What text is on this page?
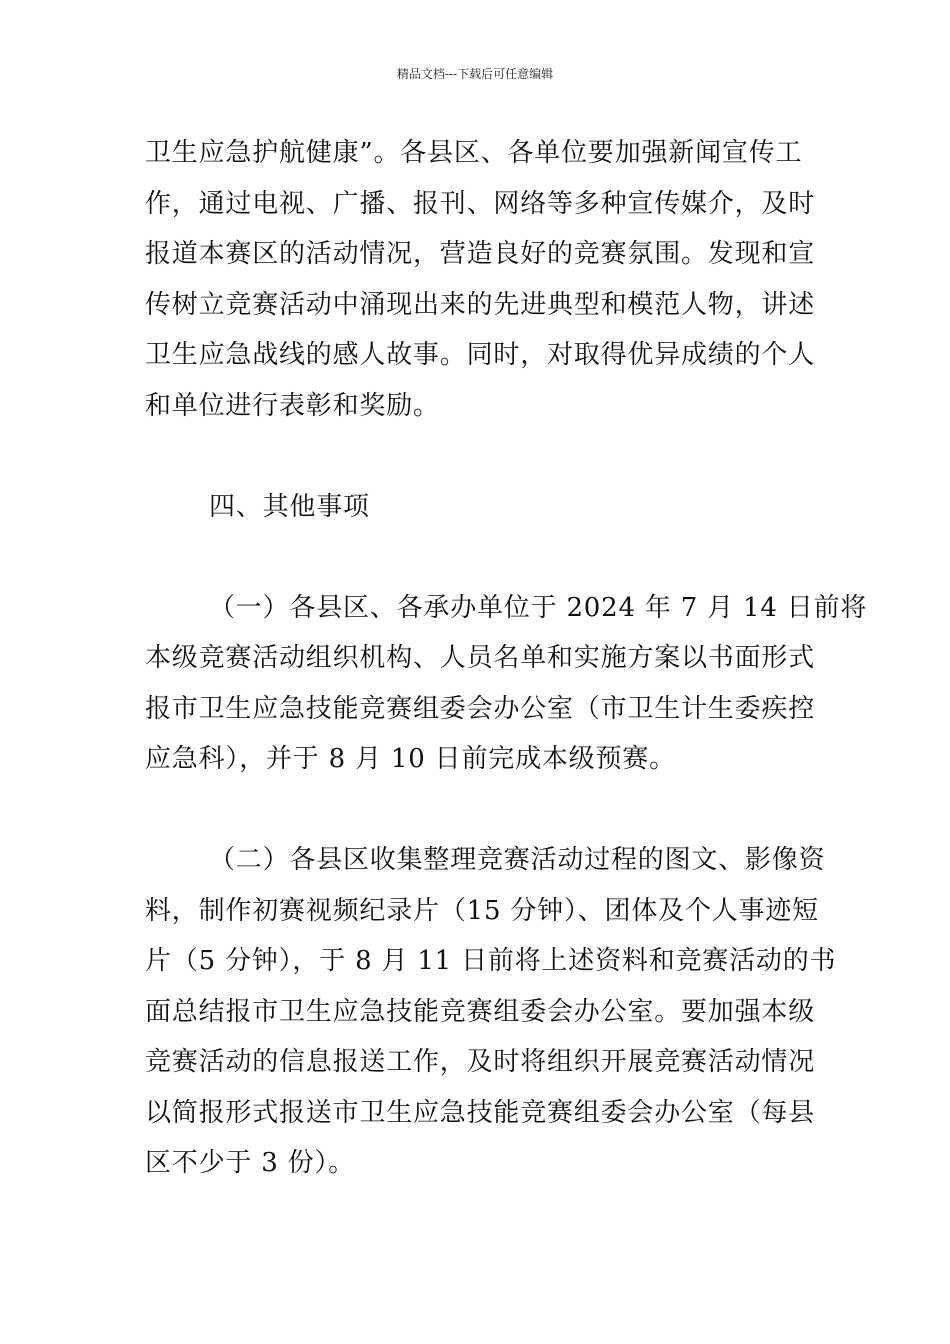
精品文档---下载后可任意编辑
卫生应急护航健康”。各县区、各单位要加强新闻宣传工
作，通过电视、广播、报刊、网络等多种宣传媒介，及时
报道本赛区的活动情况，营造良好的竞赛氛围。发现和宣
传树立竞赛活动中涌现出来的先进典型和模范人物，讲述
卫生应急战线的感人故事。同时，对取得优异成绩的个人
和单位进行表彰和奖励。
四、其他事项
（一）各县区、各承办单位于 2024 年 7 月 14 日前将
本级竞赛活动组织机构、人员名单和实施方案以书面形式
报市卫生应急技能竞赛组委会办公室（市卫生计生委疾控
应急科），并于 8 月 10 日前完成本级预赛。
（二）各县区收集整理竞赛活动过程的图文、影像资
料，制作初赛视频纪录片（15 分钟）、团体及个人事迹短
片（5 分钟），于 8 月 11 日前将上述资料和竞赛活动的书
面总结报市卫生应急技能竞赛组委会办公室。要加强本级
竞赛活动的信息报送工作，及时将组织开展竞赛活动情况
以简报形式报送市卫生应急技能竞赛组委会办公室（每县
区不少于 3 份）。
